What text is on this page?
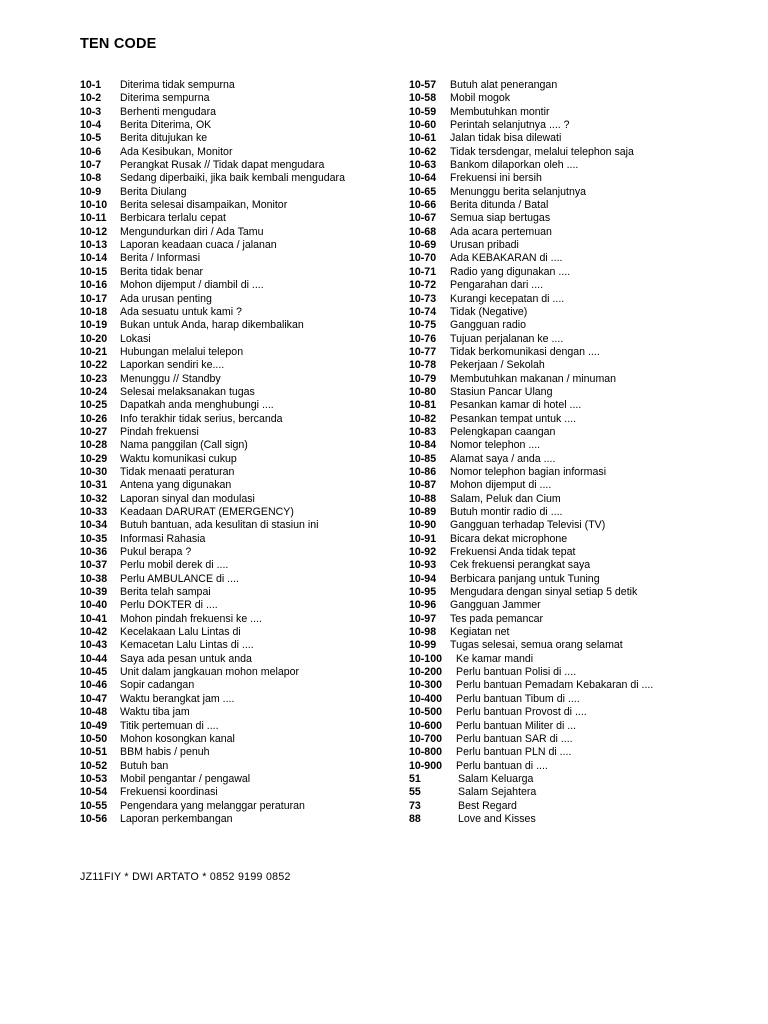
TEN CODE
10-1	Diterima tidak sempurna
10-2	Diterima sempurna
10-3	Berhenti mengudara
10-4	Berita Diterima, OK
10-5	Berita ditujukan ke
10-6	Ada Kesibukan, Monitor
10-7	Perangkat Rusak // Tidak dapat mengudara
10-8	Sedang diperbaiki, jika baik kembali mengudara
10-9	Berita Diulang
10-10	Berita selesai disampaikan, Monitor
10-11	Berbicara terlalu cepat
10-12	Mengundurkan diri / Ada Tamu
10-13	Laporan keadaan cuaca / jalanan
10-14	Berita / Informasi
10-15	Berita tidak benar
10-16	Mohon dijemput / diambil di ....
10-17	Ada urusan penting
10-18	Ada sesuatu untuk kami ?
10-19	Bukan untuk Anda, harap dikembalikan
10-20	Lokasi
10-21	Hubungan melalui telepon
10-22	Laporkan sendiri ke....
10-23	Menunggu // Standby
10-24	Selesai melaksanakan tugas
10-25	Dapatkah anda menghubungi ....
10-26	Info terakhir tidak serius, bercanda
10-27	Pindah frekuensi
10-28	Nama panggilan (Call sign)
10-29	Waktu komunikasi cukup
10-30	Tidak menaati peraturan
10-31	Antena yang digunakan
10-32	Laporan sinyal dan modulasi
10-33	Keadaan DARURAT (EMERGENCY)
10-34	Butuh bantuan, ada kesulitan di stasiun ini
10-35	Informasi Rahasia
10-36	Pukul berapa ?
10-37	Perlu mobil derek di ....
10-38	Perlu AMBULANCE di ....
10-39	Berita telah sampai
10-40	Perlu DOKTER di ....
10-41	Mohon pindah frekuensi ke ....
10-42	Kecelakaan Lalu Lintas di
10-43	Kemacetan Lalu Lintas di ....
10-44	Saya ada pesan untuk anda
10-45	Unit dalam jangkauan mohon melapor
10-46	Sopir cadangan
10-47	Waktu berangkat jam ....
10-48	Waktu tiba jam
10-49	Titik pertemuan di ....
10-50	Mohon kosongkan kanal
10-51	BBM habis / penuh
10-52	Butuh ban
10-53	Mobil pengantar / pengawal
10-54	Frekuensi koordinasi
10-55	Pengendara yang melanggar peraturan
10-56	Laporan perkembangan
10-57	Butuh alat penerangan
10-58	Mobil mogok
10-59	Membutuhkan montir
10-60	Perintah selanjutnya .... ?
10-61	Jalan tidak bisa dilewati
10-62	Tidak tersdengar, melalui telephon saja
10-63	Bankom dilaporkan oleh ....
10-64	Frekuensi ini bersih
10-65	Menunggu berita selanjutnya
10-66	Berita ditunda / Batal
10-67	Semua siap bertugas
10-68	Ada acara pertemuan
10-69	Urusan pribadi
10-70	Ada KEBAKARAN di ....
10-71	Radio yang digunakan ....
10-72	Pengarahan dari ....
10-73	Kurangi kecepatan di ....
10-74	Tidak (Negative)
10-75	Gangguan radio
10-76	Tujuan perjalanan ke ....
10-77	Tidak berkomunikasi dengan ....
10-78	Pekerjaan / Sekolah
10-79	Membutuhkan makanan / minuman
10-80	Stasiun Pancar Ulang
10-81	Pesankan kamar di hotel ....
10-82	Pesankan tempat untuk ....
10-83	Pelengkapan caangan
10-84	Nomor telephon ....
10-85	Alamat saya / anda ....
10-86	Nomor telephon bagian informasi
10-87	Mohon dijemput di ....
10-88	Salam, Peluk dan Cium
10-89	Butuh montir radio di ....
10-90	Gangguan terhadap Televisi (TV)
10-91	Bicara dekat microphone
10-92	Frekuensi Anda tidak tepat
10-93	Cek frekuensi perangkat saya
10-94	Berbicara panjang untuk Tuning
10-95	Mengudara dengan sinyal setiap 5 detik
10-96	Gangguan Jammer
10-97	Tes pada pemancar
10-98	Kegiatan net
10-99	Tugas selesai, semua orang selamat
10-100	Ke kamar mandi
10-200	Perlu bantuan Polisi di ....
10-300	Perlu bantuan Pemadam Kebakaran di ....
10-400	Perlu bantuan Tibum di ....
10-500	Perlu bantuan Provost di ....
10-600	Perlu bantuan Militer di ...
10-700	Perlu bantuan SAR di ....
10-800	Perlu bantuan PLN di ....
10-900	Perlu bantuan di ....
51	Salam Keluarga
55	Salam Sejahtera
73	Best Regard
88	Love and Kisses
JZ11FIY * DWI ARTATO * 0852 9199 0852
